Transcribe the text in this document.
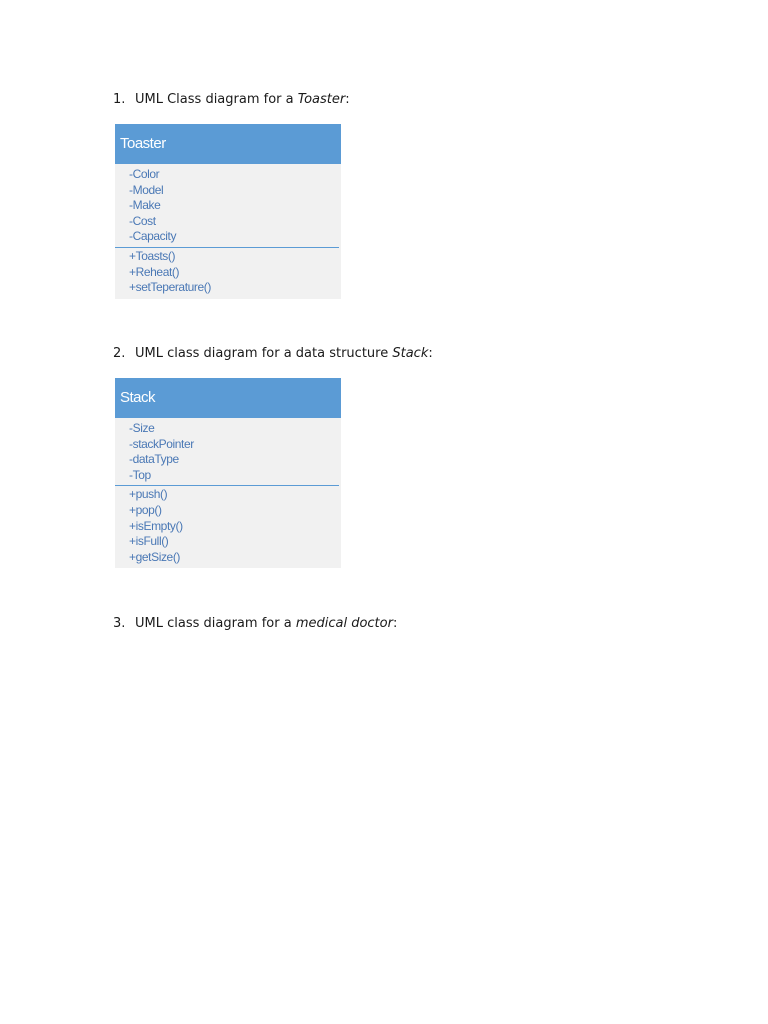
1. UML Class diagram for a Toaster:
Toaster
-Color
-Model
-Make
-Cost
-Capacity
+Toasts()
+Reheat()
+setTeperature()
2. UML class diagram for a data structure Stack:
Stack
-Size
-stackPointer
-dataType
-Top
+push()
+pop()
+isEmpty()
+isFull()
+getSize()
3. UML class diagram for a medical doctor:
